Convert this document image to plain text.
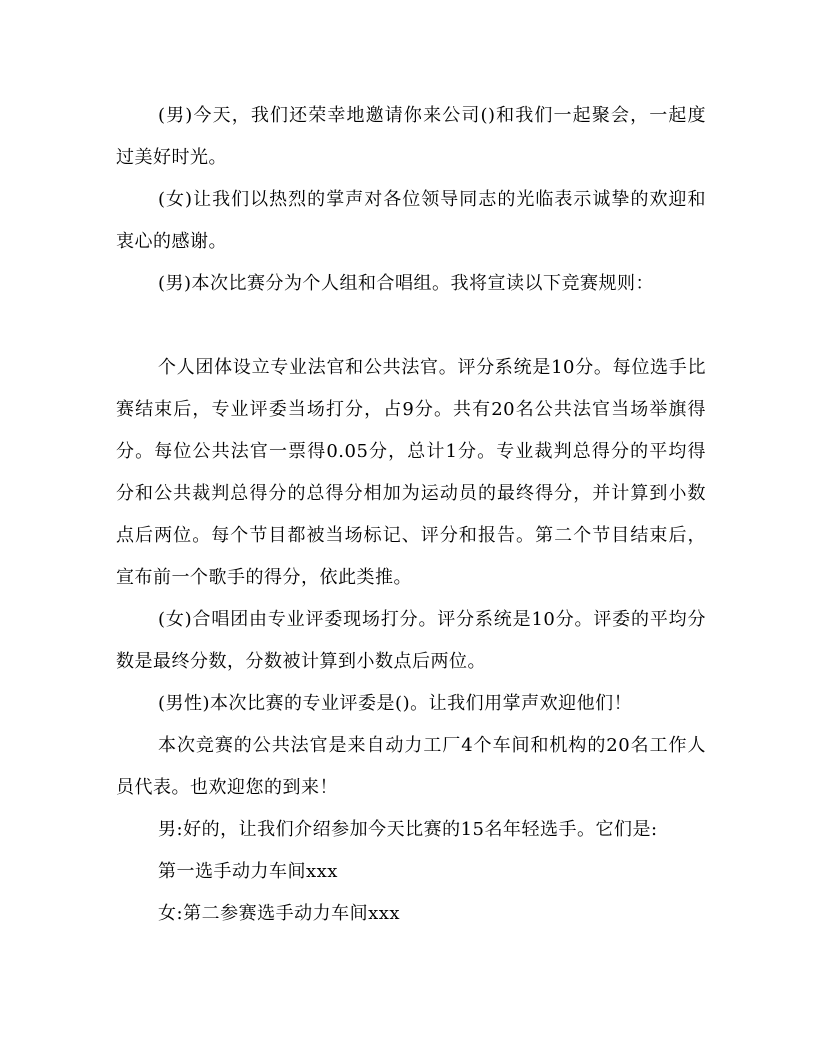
(男)今天，我们还荣幸地邀请你来公司()和我们一起聚会，一起度过美好时光。

(女)让我们以热烈的掌声对各位领导同志的光临表示诚挚的欢迎和衷心的感谢。

(男)本次比赛分为个人组和合唱组。我将宣读以下竞赛规则：

个人团体设立专业法官和公共法官。评分系统是10分。每位选手比赛结束后，专业评委当场打分，占9分。共有20名公共法官当场举旗得分。每位公共法官一票得0.05分，总计1分。专业裁判总得分的平均得分和公共裁判总得分的总得分相加为运动员的最终得分，并计算到小数点后两位。每个节目都被当场标记、评分和报告。第二个节目结束后，宣布前一个歌手的得分，依此类推。

(女)合唱团由专业评委现场打分。评分系统是10分。评委的平均分数是最终分数，分数被计算到小数点后两位。

(男性)本次比赛的专业评委是()。让我们用掌声欢迎他们！

本次竞赛的公共法官是来自动力工厂4个车间和机构的20名工作人员代表。也欢迎您的到来！

男:好的，让我们介绍参加今天比赛的15名年轻选手。它们是:

第一选手动力车间xxx

女:第二参赛选手动力车间xxx
